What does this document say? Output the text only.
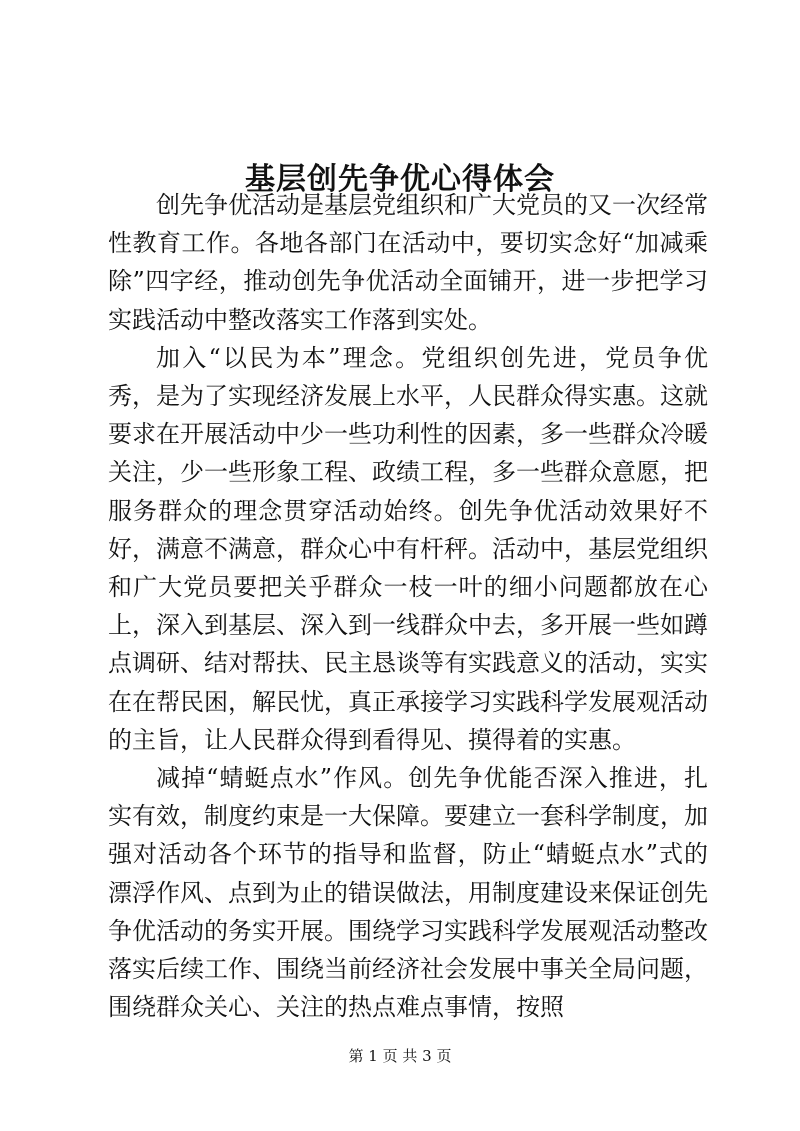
基层创先争优心得体会

创先争优活动是基层党组织和广大党员的又一次经常性教育工作。各地各部门在活动中，要切实念好“加减乘除”四字经，推动创先争优活动全面铺开，进一步把学习实践活动中整改落实工作落到实处。

加入“以民为本”理念。党组织创先进，党员争优秀，是为了实现经济发展上水平，人民群众得实惠。这就要求在开展活动中少一些功利性的因素，多一些群众冷暖关注，少一些形象工程、政绩工程，多一些群众意愿，把服务群众的理念贯穿活动始终。创先争优活动效果好不好，满意不满意，群众心中有杆秤。活动中，基层党组织和广大党员要把关乎群众一枝一叶的细小问题都放在心上，深入到基层、深入到一线群众中去，多开展一些如蹲点调研、结对帮扶、民主恳谈等有实践意义的活动，实实在在帮民困，解民忧，真正承接学习实践科学发展观活动的主旨，让人民群众得到看得见、摸得着的实惠。

减掉“蜻蜓点水”作风。创先争优能否深入推进，扎实有效，制度约束是一大保障。要建立一套科学制度，加强对活动各个环节的指导和监督，防止“蜻蜓点水”式的漂浮作风、点到为止的错误做法，用制度建设来保证创先争优活动的务实开展。围绕学习实践科学发展观活动整改落实后续工作、围绕当前经济社会发展中事关全局问题，围绕群众关心、关注的热点难点事情，按照

第 1 页 共 3 页
